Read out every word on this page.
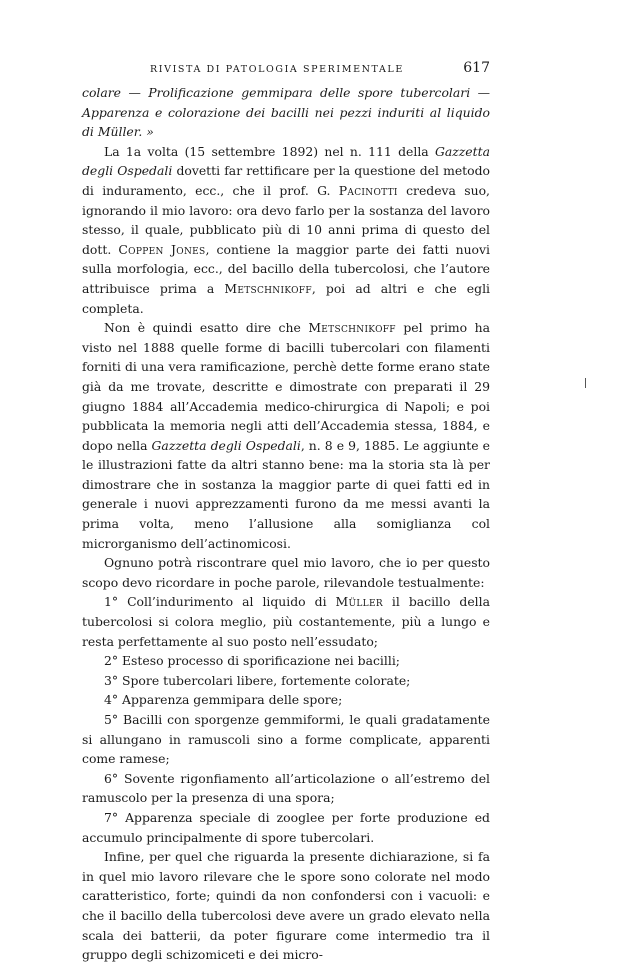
RIVISTA DI PATOLOGIA SPERIMENTALE	617

colare — Prolificazione gemmipara delle spore tubercolari — Apparenza e colorazione dei bacilli nei pezzi induriti al liquido di Müller. »

La 1a volta (15 settembre 1892) nel n. 111 della Gazzetta degli Ospedali dovetti far rettificare per la questione del metodo di induramento, ecc., che il prof. G. Pacinotti credeva suo, ignorando il mio lavoro: ora devo farlo per la sostanza del lavoro stesso, il quale, pubblicato più di 10 anni prima di questo del dott. Coppen Jones, contiene la maggior parte dei fatti nuovi sulla morfologia, ecc., del bacillo della tubercolosi, che l’autore attribuisce prima a Metschnikoff, poi ad altri e che egli completa.

Non è quindi esatto dire che Metschnikoff pel primo ha visto nel 1888 quelle forme di bacilli tubercolari con filamenti forniti di una vera ramificazione, perchè dette forme erano state già da me trovate, descritte e dimostrate con preparati il 29 giugno 1884 all’Accademia medico-chirurgica di Napoli; e poi pubblicata la memoria negli atti dell’Accademia stessa, 1884, e dopo nella Gazzetta degli Ospedali, n. 8 e 9, 1885. Le aggiunte e le illustrazioni fatte da altri stanno bene: ma la storia sta là per dimostrare che in sostanza la maggior parte di quei fatti ed in generale i nuovi apprezzamenti furono da me messi avanti la prima volta, meno l’allusione alla somiglianza col microrganismo dell’actinomicosi.

Ognuno potrà riscontrare quel mio lavoro, che io per questo scopo devo ricordare in poche parole, rilevandole testualmente:

1° Coll’indurimento al liquido di Müller il bacillo della tubercolosi si colora meglio, più costantemente, più a lungo e resta perfettamente al suo posto nell’essudato;

2° Esteso processo di sporificazione nei bacilli;

3° Spore tubercolari libere, fortemente colorate;

4° Apparenza gemmipara delle spore;

5° Bacilli con sporgenze gemmiformi, le quali gradatamente si allungano in ramuscoli sino a forme complicate, apparenti come ramese;

6° Sovente rigonfiamento all’articolazione o all’estremo del ramuscolo per la presenza di una spora;

7° Apparenza speciale di zooglee per forte produzione ed accumulo principalmente di spore tubercolari.

Infine, per quel che riguarda la presente dichiarazione, si fa in quel mio lavoro rilevare che le spore sono colorate nel modo caratteristico, forte; quindi da non confondersi con i vacuoli: e che il bacillo della tubercolosi deve avere un grado elevato nella scala dei batterii, da poter figurare come intermedio tra il gruppo degli schizomiceti e dei micro-
